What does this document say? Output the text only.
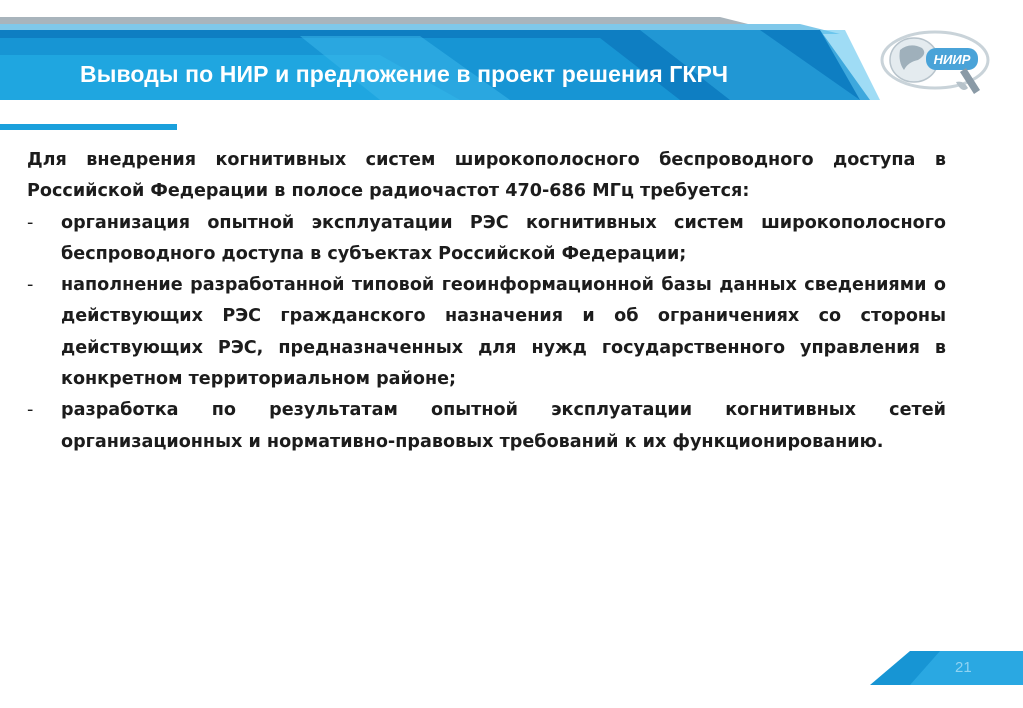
Выводы по НИР и предложение в проект решения ГКРЧ
НИИР

Для внедрения когнитивных систем широкополосного беспроводного доступа в Российской Федерации в полосе радиочастот 470-686 МГц требуется:

- организация опытной эксплуатации РЭС когнитивных систем широкополосного беспроводного доступа в субъектах Российской Федерации;
- наполнение разработанной типовой геоинформационной базы данных сведениями о действующих РЭС гражданского назначения и об ограничениях со стороны действующих РЭС, предназначенных для нужд государственного управления в конкретном территориальном районе;
- разработка по результатам опытной эксплуатации когнитивных сетей организационных и нормативно-правовых требований к их функционированию.
21
